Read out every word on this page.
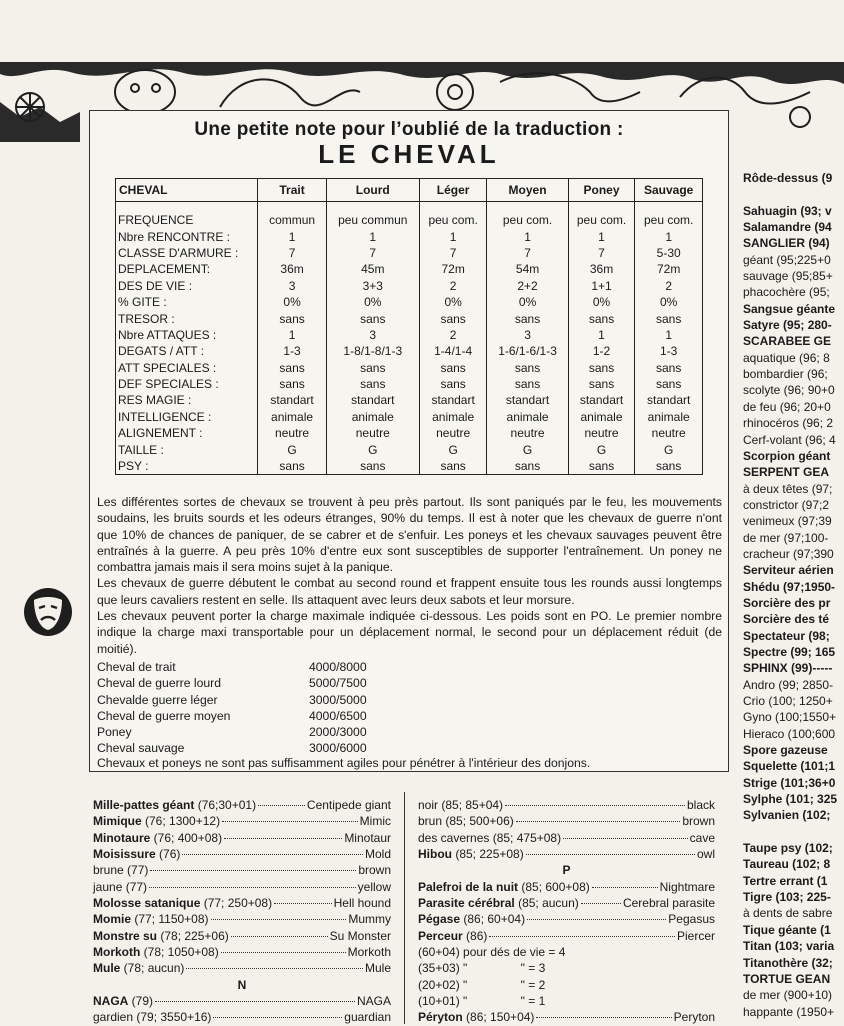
Une petite note pour l’oublié de la traduction :
LE CHEVAL
CHEVAL	Trait	Lourd	Léger	Moyen	Poney	Sauvage

FREQUENCE	commun	peu commun	peu com.	peu com.	peu com.	peu com.
Nbre RENCONTRE :	1	1	1	1	1	1
CLASSE D'ARMURE :	7	7	7	7	7	5-30
DEPLACEMENT:	36m	45m	72m	54m	36m	72m
DES DE VIE :	3	3+3	2	2+2	1+1	2
% GITE :	0%	0%	0%	0%	0%	0%
TRESOR :	sans	sans	sans	sans	sans	sans
Nbre ATTAQUES :	1	3	2	3	1	1
DEGATS / ATT :	1-3	1-8/1-8/1-3	1-4/1-4	1-6/1-6/1-3	1-2	1-3
ATT SPECIALES :	sans	sans	sans	sans	sans	sans
DEF SPECIALES :	sans	sans	sans	sans	sans	sans
RES MAGIE :	standart	standart	standart	standart	standart	standart
INTELLIGENCE :	animale	animale	animale	animale	animale	animale
ALIGNEMENT :	neutre	neutre	neutre	neutre	neutre	neutre
TAILLE :	G	G	G	G	G	G
PSY :	sans	sans	sans	sans	sans	sans

Les différentes sortes de chevaux se trouvent à peu près partout. Ils sont paniqués par le feu, les mouvements soudains, les bruits sourds et les odeurs étranges, 90% du temps. Il est à noter que les chevaux de guerre n'ont que 10% de chances de paniquer, de se cabrer et de s'enfuir. Les poneys et les chevaux sauvages peuvent être entraînés à la guerre. A peu près 10% d'entre eux sont susceptibles de supporter l'entraînement. Un poney ne combattra jamais mais il sera moins sujet à la panique.

Les chevaux de guerre débutent le combat au second round et frappent ensuite tous les rounds aussi longtemps que leurs cavaliers restent en selle. Ils attaquent avec leurs deux sabots et leur morsure.

Les chevaux peuvent porter la charge maximale indiquée ci-dessous. Les poids sont en PO. Le premier nombre indique la charge maxi transportable pour un déplacement normal, le second pour un déplacement réduit (de moitié).

Cheval de trait	4000/8000
Cheval de guerre lourd	5000/7500
Chevalde guerre léger	3000/5000
Cheval de guerre moyen	4000/6500
Poney	2000/3000
Cheval sauvage	3000/6000
Chevaux et poneys ne sont pas suffisamment agiles pour pénétrer à l'intérieur des donjons.
Rôde-dessus (9
Sahuagin (93; v
Salamandre (94
SANGLIER (94)
géant (95;225+0
sauvage (95;85+
phacochère (95;
Sangsue géante
Satyre (95; 280-
SCARABEE GE
aquatique (96; 8
bombardier (96;
scolyte (96; 90+0
de feu (96; 20+0
rhinocéros (96; 2
Cerf-volant (96; 4
Scorpion géant
SERPENT GEA
à deux têtes (97;
constrictor (97;2
venimeux (97;39
de mer (97;100-
cracheur (97;390
Serviteur aérien
Shédu (97;1950-
Sorcière des pr
Sorcière des té
Spectateur (98;
Spectre (99; 165
SPHINX (99)-----
Andro (99; 2850-
Crio (100; 1250+
Gyno (100;1550+
Hieraco (100;600
Spore gazeuse
Squelette (101;1
Strige (101;36+0
Sylphe (101; 325
Sylvanien (102;
Taupe psy (102;
Taureau (102; 8
Tertre errant (1
Tigre (103; 225-
à dents de sabre
Tique géante (1
Titan (103; varia
Titanothère (32;
TORTUE GEAN
de mer (900+10)
happante (1950+
Mille-pattes géant (76;30+01)	Centipede giant
Mimique (76; 1300+12)	Mimic
Minotaure (76; 400+08)	Minotaur
Moisissure (76)	Mold
brune (77)	brown
jaune (77)	yellow
Molosse satanique (77; 250+08)	Hell hound
Momie (77; 1150+08)	Mummy
Monstre su (78; 225+06)	Su Monster
Morkoth (78; 1050+08)	Morkoth
Mule (78; aucun)	Mule
N
NAGA (79)	NAGA
gardien (79; 3550+16)	guardian
noir (85; 85+04)	black
brun (85; 500+06)	brown
des cavernes (85; 475+08)	cave
Hibou (85; 225+08)	owl
P
Palefroi de la nuit (85; 600+08)	Nightmare
Parasite cérébral (85; aucun)	Cerebral parasite
Pégase (86; 60+04)	Pegasus
Perceur (86)	Piercer
(60+04) pour dés de vie = 4
(35+03) "                " = 3
(20+02) "                " = 2
(10+01) "                " = 1
Péryton (86; 150+04)	Peryton
